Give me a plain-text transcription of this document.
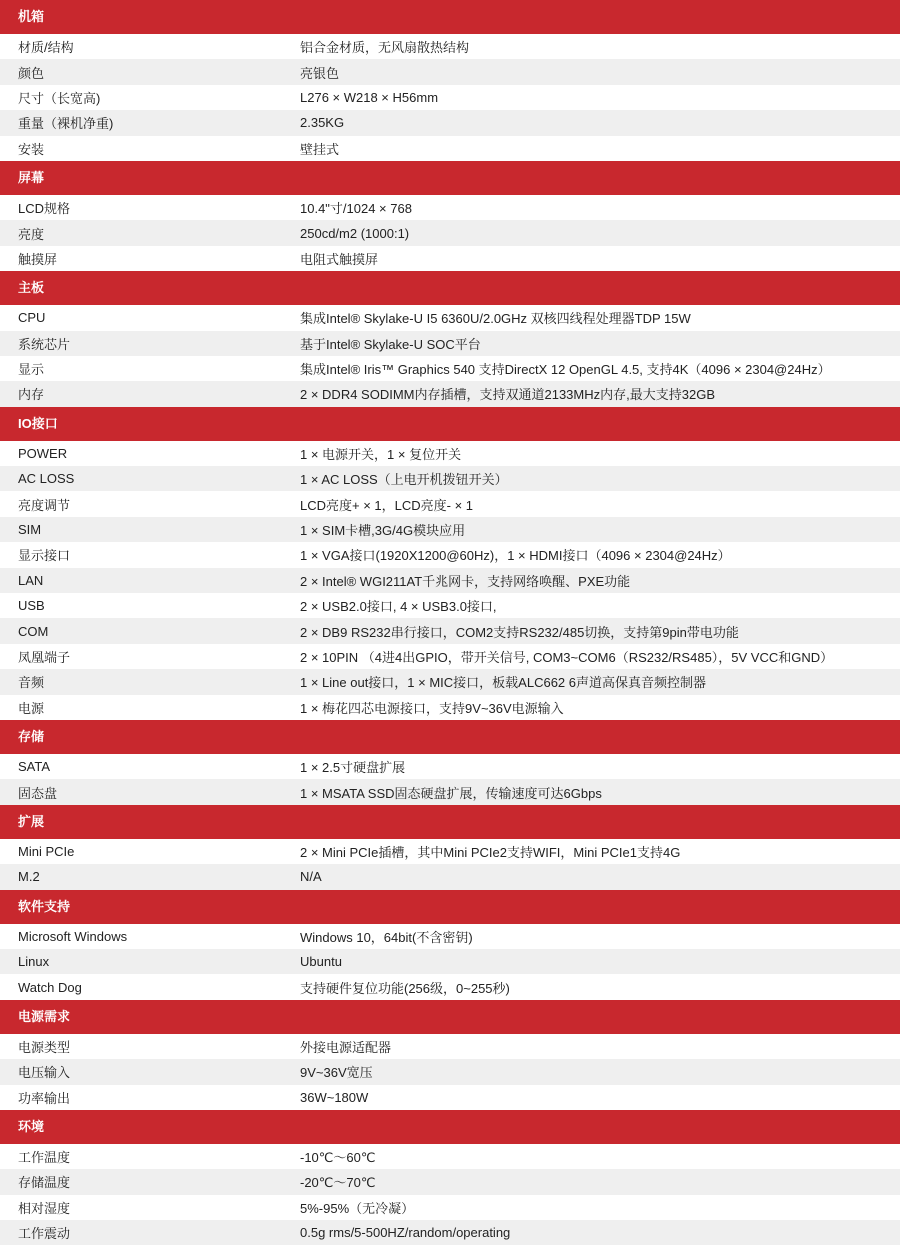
机箱
材质/结构	铝合金材质，无风扇散热结构
颜色	亮银色
尺寸（长宽高)	L276 × W218 × H56mm
重量（裸机净重)	2.35KG
安装	壁挂式
屏幕
LCD规格	10.4"寸/1024 × 768
亮度	250cd/m2 (1000:1)
触摸屏	电阻式触摸屏
主板
CPU	集成Intel® Skylake-U I5 6360U/2.0GHz 双核四线程处理器TDP 15W
系统芯片	基于Intel® Skylake-U SOC平台
显示	集成Intel® Iris™ Graphics 540 支持DirectX 12 OpenGL 4.5, 支持4K（4096 × 2304@24Hz）
内存	2 × DDR4 SODIMM内存插槽，支持双通道2133MHz内存,最大支持32GB
IO接口
POWER	1 × 电源开关，1 × 复位开关
AC LOSS	1 × AC LOSS（上电开机拨钮开关）
亮度调节	LCD亮度+ × 1，LCD亮度- × 1
SIM	1 × SIM卡槽,3G/4G模块应用
显示接口	1 × VGA接口(1920X1200@60Hz)，1 × HDMI接口（4096 × 2304@24Hz）
LAN	2 × Intel® WGI211AT千兆网卡，支持网络唤醒、PXE功能
USB	2 × USB2.0接口, 4 × USB3.0接口,
COM	2 × DB9 RS232串行接口，COM2支持RS232/485切换，支持第9pin带电功能
凤凰端子	2 × 10PIN （4进4出GPIO，带开关信号, COM3~COM6（RS232/RS485），5V VCC和GND）
音频	1 × Line out接口，1 × MIC接口，板载ALC662 6声道高保真音频控制器
电源	1 × 梅花四芯电源接口，支持9V~36V电源输入
存储
SATA	1 × 2.5寸硬盘扩展
固态盘	1 × MSATA SSD固态硬盘扩展，传输速度可达6Gbps
扩展
Mini PCIe	2 × Mini PCIe插槽，其中Mini PCIe2支持WIFI，Mini PCIe1支持4G
M.2	N/A
软件支持
Microsoft Windows	Windows 10，64bit(不含密钥)
Linux	Ubuntu
Watch Dog	支持硬件复位功能(256级，0~255秒)
电源需求
电源类型	外接电源适配器
电压输入	9V~36V宽压
功率输出	36W~180W
环境
工作温度	-10℃～60℃
存储温度	-20℃～70℃
相对湿度	5%-95%（无冷凝）
工作震动	0.5g rms/5-500HZ/random/operating
